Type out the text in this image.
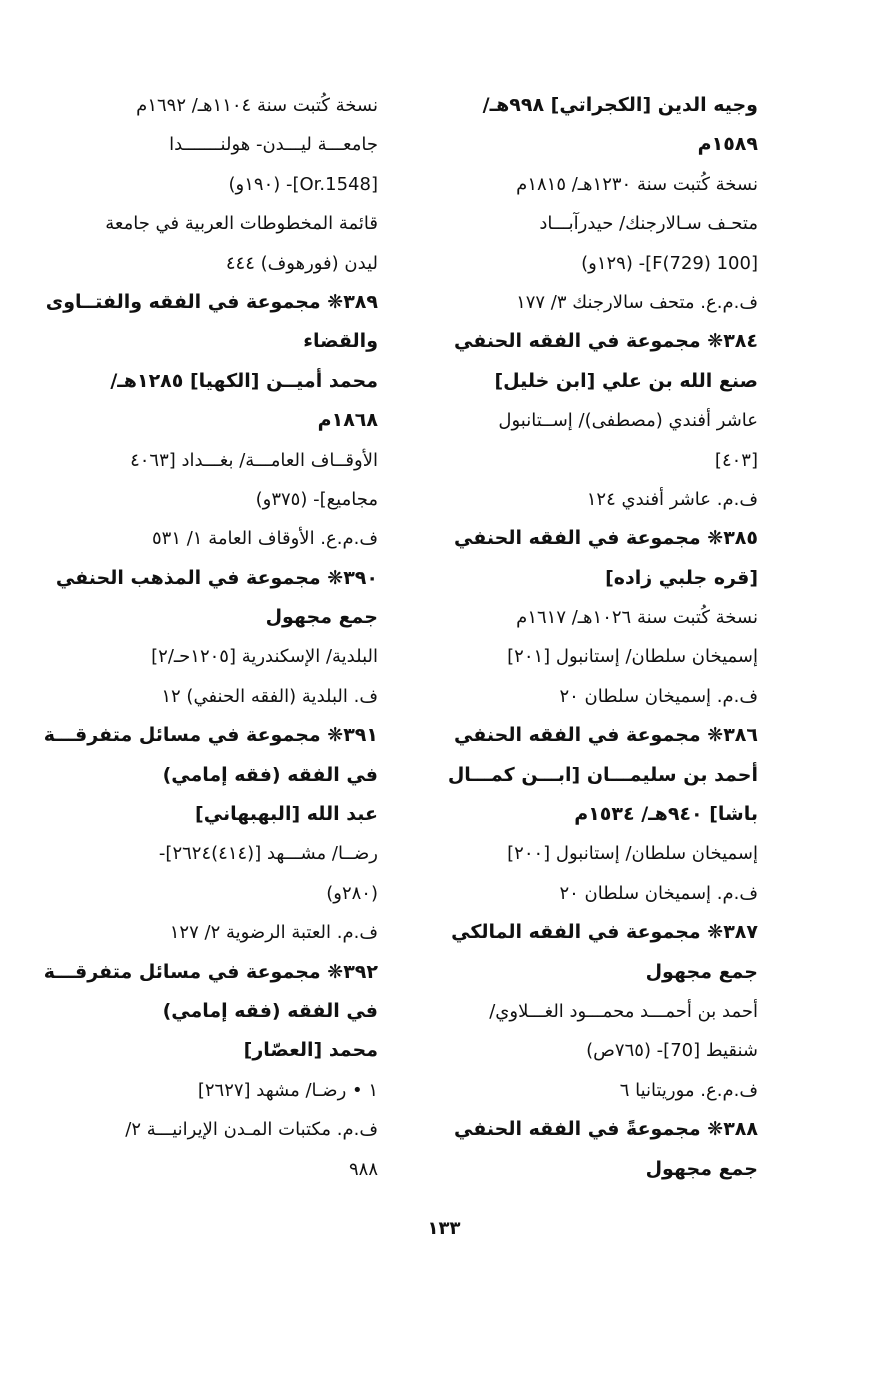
وجيه الدين [الكجراتي] ٩٩٨هـ/
١٥٨٩م
نسخة كُتبت سنة ١٢٣٠هـ/ ١٨١٥م
متحـف سـالارجنك/ حيدرآبـــاد
[100 F(729)]- (١٢٩و)
ف.م.ع. متحف سالارجنك ٣/ ١٧٧
٣٨٤❋ مجموعة في الفقه الحنفي
صنع الله بن علي [ابن خليل]
عاشر أفندي (مصطفى)/ إســتانبول
[٤٠٣]
ف.م. عاشر أفندي ١٢٤
٣٨٥❋ مجموعة في الفقه الحنفي
[قره جلبي زاده]
نسخة كُتبت سنة ١٠٢٦هـ/ ١٦١٧م
إسميخان سلطان/ إستانبول [٢٠١]
ف.م. إسميخان سلطان ٢٠
٣٨٦❋ مجموعة في الفقه الحنفي
أحمد بن سليمـــان [ابـــن كمـــال
باشا] ٩٤٠هـ/ ١٥٣٤م
إسميخان سلطان/ إستانبول [٢٠٠]
ف.م. إسميخان سلطان ٢٠
٣٨٧❋ مجموعة في الفقه المالكي
جمع مجهول
أحمد بن أحمـــد محمـــود الغـــلاوي/
شنقيط [70]- (٧٦٥ص)
ف.م.ع. موريتانيا ٦
٣٨٨❋ مجموعةً في الفقه الحنفي
جمع مجهول
نسخة كُتبت سنة ١١٠٤هـ/ ١٦٩٢م
جامعـــة ليـــدن- هولنـــــــدا
[Or.1548]- (١٩٠و)
قائمة المخطوطات العربية في جامعة
ليدن (فورهوف) ٤٤٤
٣٨٩❋ مجموعة في الفقه والفتــاوى
والقضاء
محمد أميــن [الكهيا] ١٢٨٥هـ/
١٨٦٨م
الأوقــاف العامـــة/ بغـــداد [٤٠٦٣
مجاميع]- (٣٧٥و)
ف.م.ع. الأوقاف العامة ١/ ٥٣١
٣٩٠❋ مجموعة في المذهب الحنفي
جمع مجهول
البلدية/ الإسكندرية [١٢٠٥حـ/٢]
ف. البلدية (الفقه الحنفي) ١٢
٣٩١❋ مجموعة في مسائل متفرقـــة
في الفقه (فقه إمامي)
عبد الله [البهبهاني]
رضــا/ مشـــهد [(٤١٤)٢٦٢٤]-
(٢٨٠و)
ف.م. العتبة الرضوية ٢/ ١٢٧
٣٩٢❋ مجموعة في مسائل متفرقـــة
في الفقه (فقه إمامي)
محمد [العصّار]
١ • رضـا/ مشهد [٢٦٢٧]
ف.م. مكتبات المـدن الإيرانيـــة ٢/
٩٨٨
١٣٣
